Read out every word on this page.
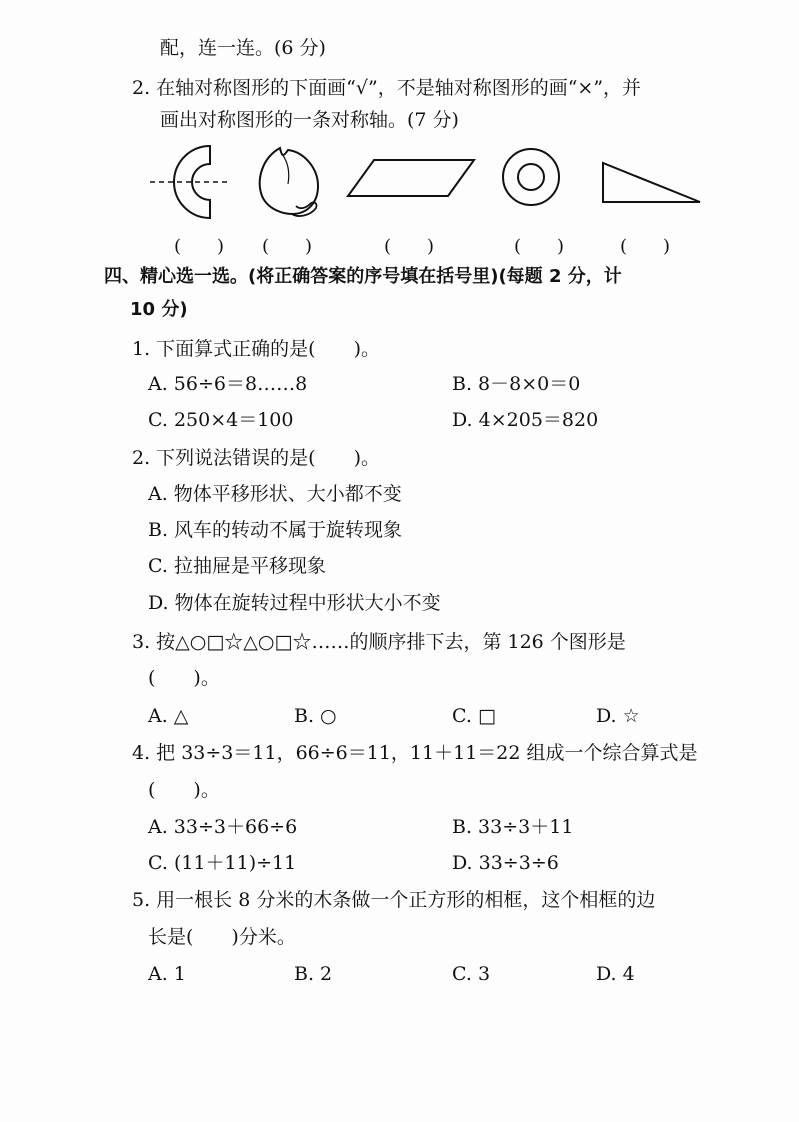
配，连一连。(6 分)
2. 在轴对称图形的下面画“√”，不是轴对称图形的画“×”，并
画出对称图形的一条对称轴。(7 分)
(　　) (　　)	(　　)	(　　)	(　　)
四、精心选一选。(将正确答案的序号填在括号里)(每题 2 分，计
10 分)
1. 下面算式正确的是(　　)。
A. 56÷6＝8……8	B. 8－8×0＝0
C. 250×4＝100	D. 4×205＝820
2. 下列说法错误的是(　　)。
A. 物体平移形状、大小都不变
B. 风车的转动不属于旋转现象
C. 拉抽屉是平移现象
D. 物体在旋转过程中形状大小不变
3. 按△○□☆△○□☆……的顺序排下去，第 126 个图形是
(　　)。
A. △	B. ○	C. □	D. ☆
4. 把 33÷3＝11，66÷6＝11，11＋11＝22 组成一个综合算式是
(　　)。
A. 33÷3＋66÷6	B. 33÷3＋11
C. (11＋11)÷11	D. 33÷3÷6
5. 用一根长 8 分米的木条做一个正方形的相框，这个相框的边
长是(　　)分米。
A. 1	B. 2	C. 3	D. 4
